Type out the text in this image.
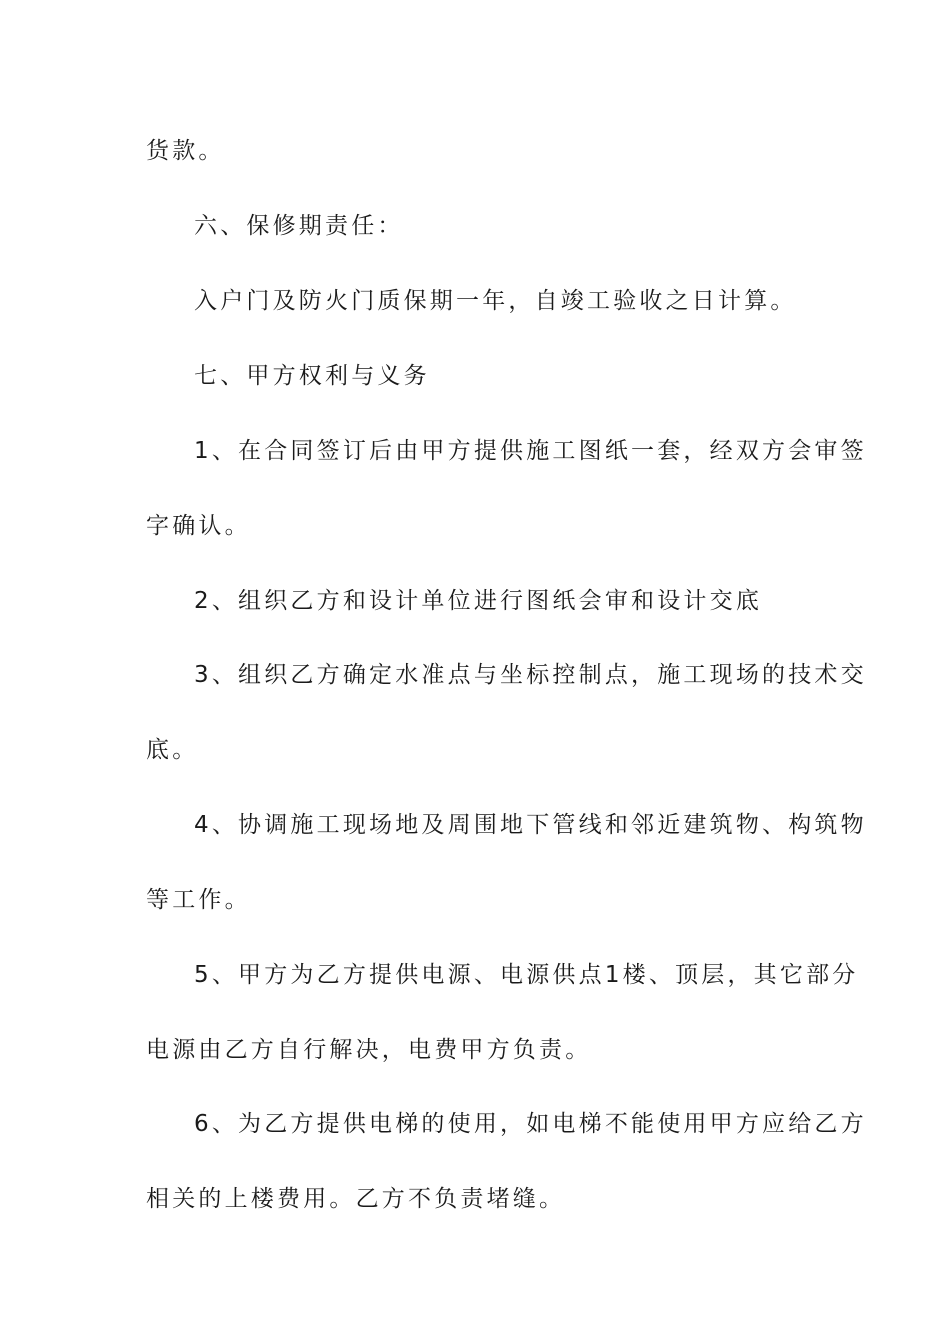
货款。
六、保修期责任：
入户门及防火门质保期一年，自竣工验收之日计算。
七、甲方权利与义务
1、在合同签订后由甲方提供施工图纸一套，经双方会审签
字确认。
2、组织乙方和设计单位进行图纸会审和设计交底
3、组织乙方确定水准点与坐标控制点，施工现场的技术交
底。
4、协调施工现场地及周围地下管线和邻近建筑物、构筑物
等工作。
5、甲方为乙方提供电源、电源供点1楼、顶层，其它部分
电源由乙方自行解决，电费甲方负责。
6、为乙方提供电梯的使用，如电梯不能使用甲方应给乙方
相关的上楼费用。乙方不负责堵缝。
